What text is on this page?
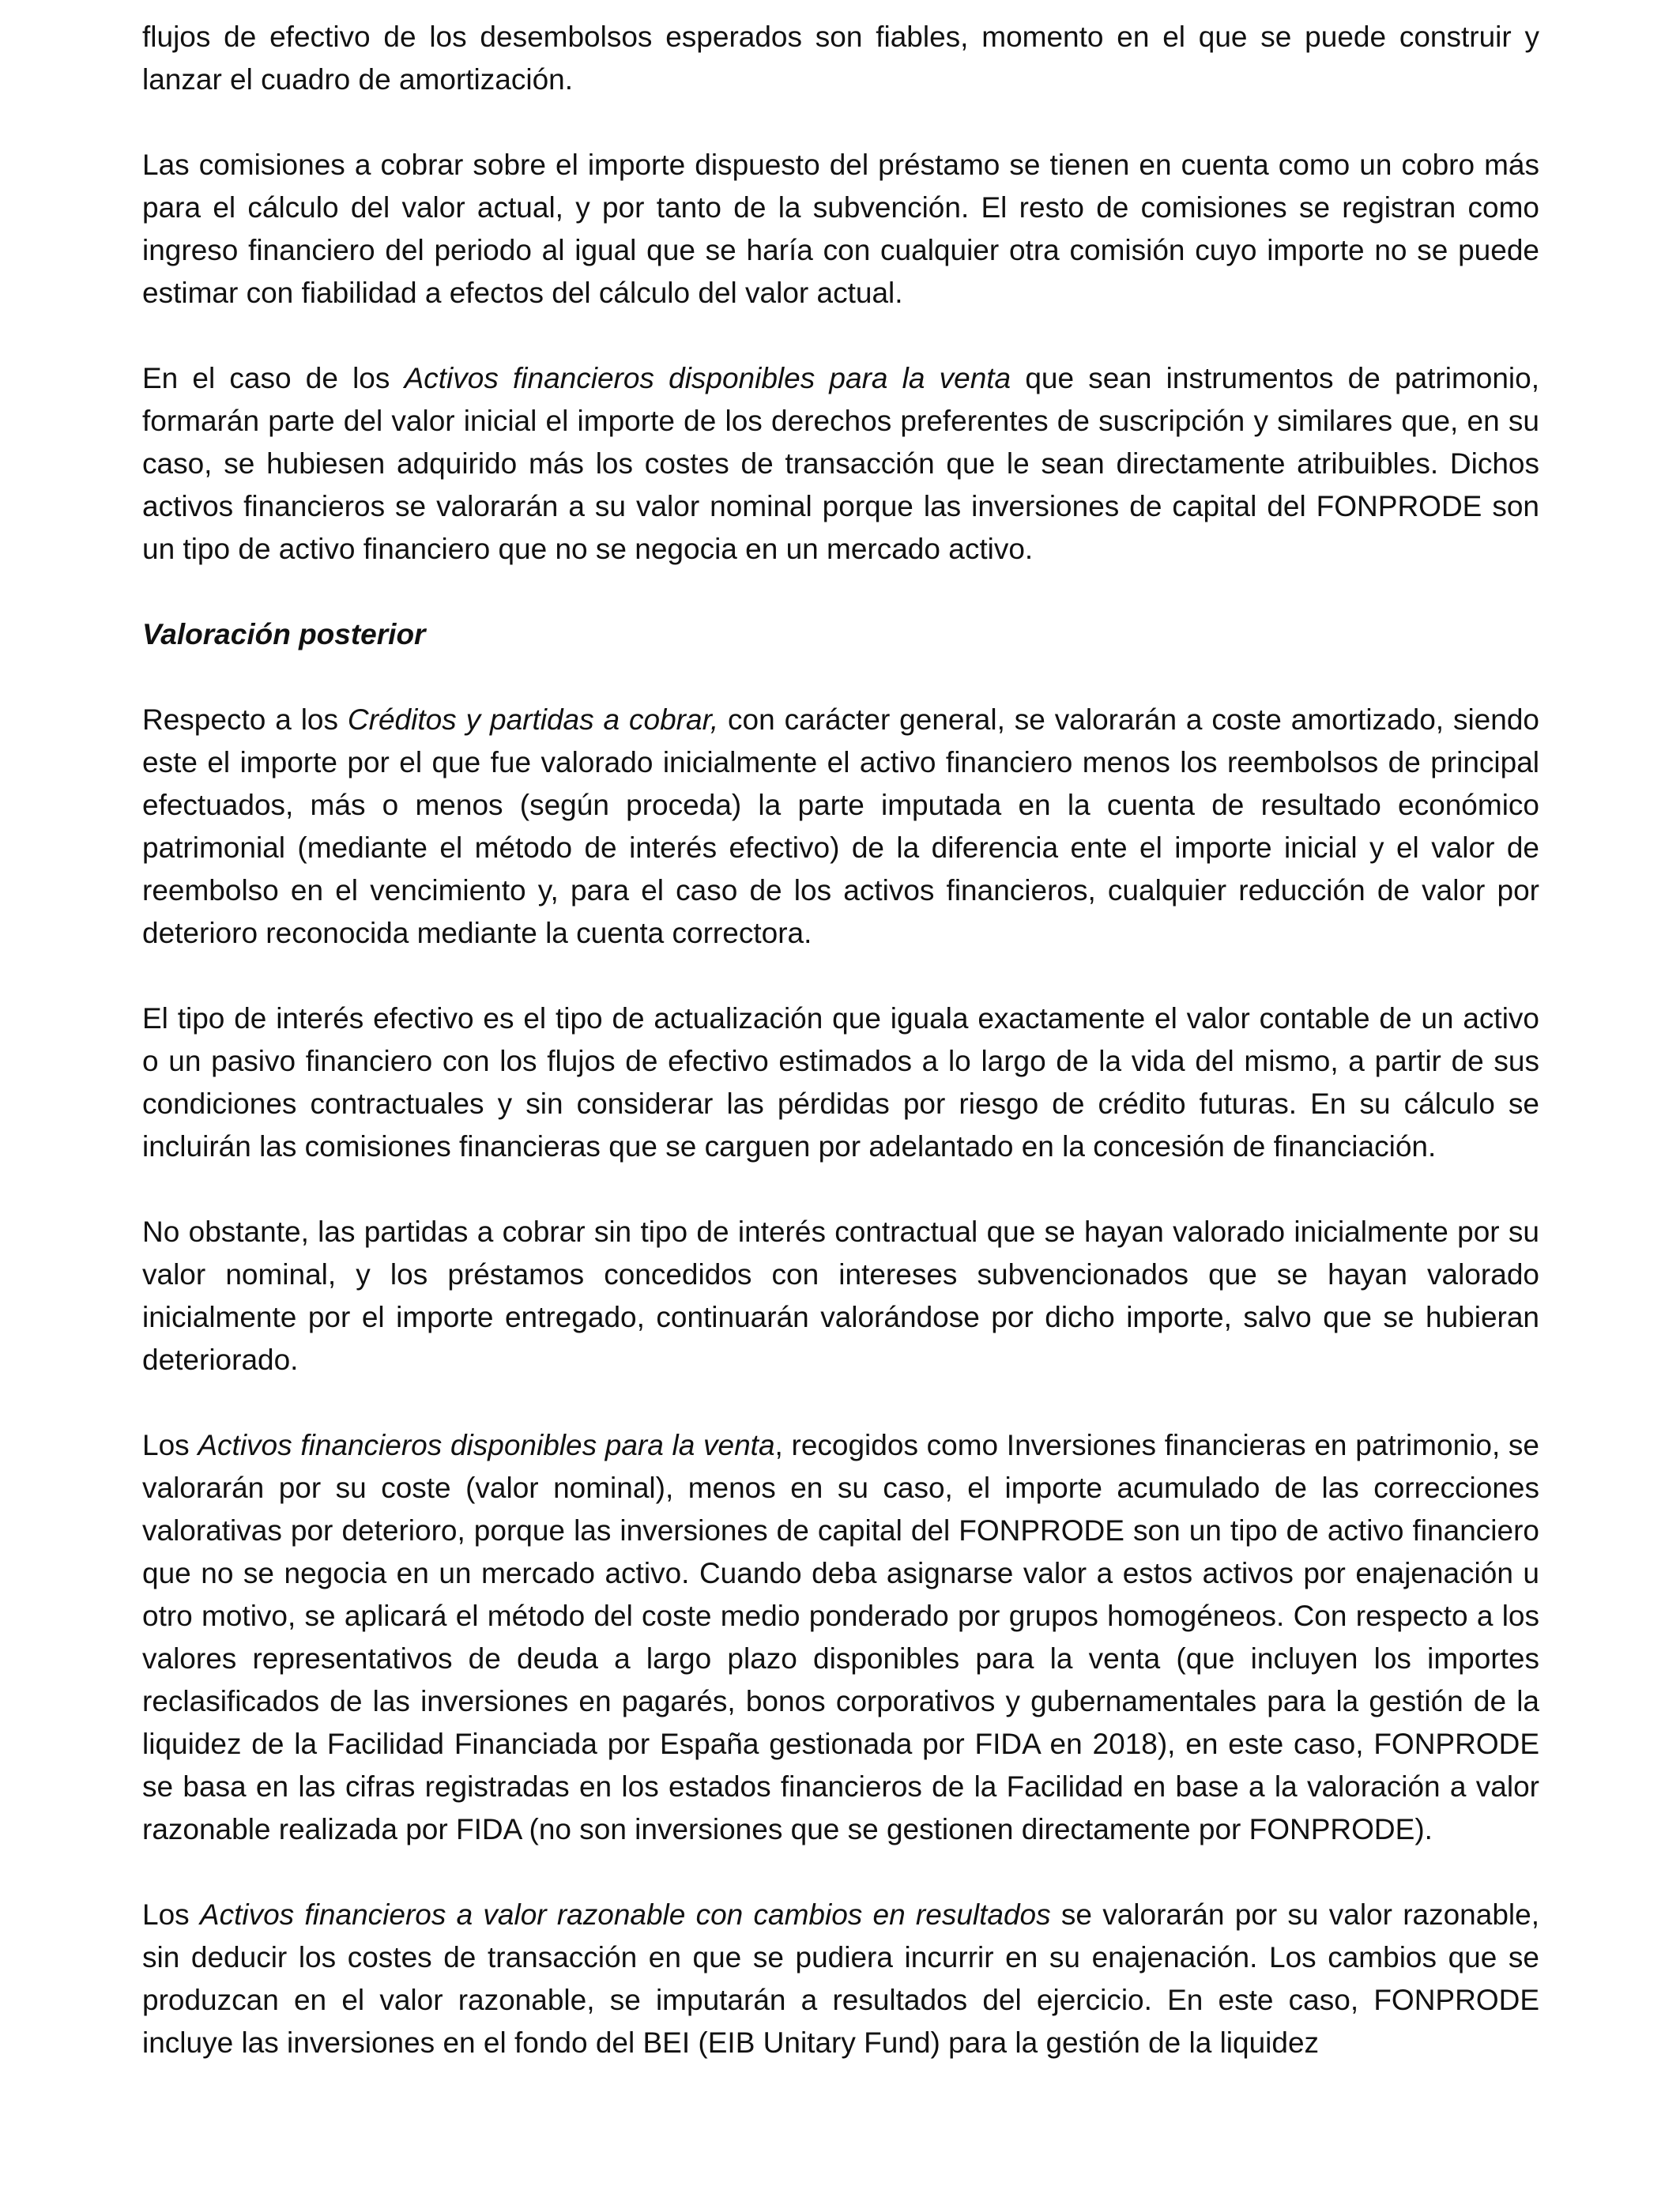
flujos de efectivo de los desembolsos esperados son fiables, momento en el que se puede construir y lanzar el cuadro de amortización.

Las comisiones a cobrar sobre el importe dispuesto del préstamo se tienen en cuenta como un cobro más para el cálculo del valor actual, y por tanto de la subvención. El resto de comisiones se registran como ingreso financiero del periodo al igual que se haría con cualquier otra comisión cuyo importe no se puede estimar con fiabilidad a efectos del cálculo del valor actual.

En el caso de los Activos financieros disponibles para la venta que sean instrumentos de patrimonio, formarán parte del valor inicial el importe de los derechos preferentes de suscripción y similares que, en su caso, se hubiesen adquirido más los costes de transacción que le sean directamente atribuibles. Dichos activos financieros se valorarán a su valor nominal porque las inversiones de capital del FONPRODE son un tipo de activo financiero que no se negocia en un mercado activo.

Valoración posterior

Respecto a los Créditos y partidas a cobrar, con carácter general, se valorarán a coste amortizado, siendo este el importe por el que fue valorado inicialmente el activo financiero menos los reembolsos de principal efectuados, más o menos (según proceda) la parte imputada en la cuenta de resultado económico patrimonial (mediante el método de interés efectivo) de la diferencia ente el importe inicial y el valor de reembolso en el vencimiento y, para el caso de los activos financieros, cualquier reducción de valor por deterioro reconocida mediante la cuenta correctora.

El tipo de interés efectivo es el tipo de actualización que iguala exactamente el valor contable de un activo o un pasivo financiero con los flujos de efectivo estimados a lo largo de la vida del mismo, a partir de sus condiciones contractuales y sin considerar las pérdidas por riesgo de crédito futuras. En su cálculo se incluirán las comisiones financieras que se carguen por adelantado en la concesión de financiación.

No obstante, las partidas a cobrar sin tipo de interés contractual que se hayan valorado inicialmente por su valor nominal, y los préstamos concedidos con intereses subvencionados que se hayan valorado inicialmente por el importe entregado, continuarán valorándose por dicho importe, salvo que se hubieran deteriorado.

Los Activos financieros disponibles para la venta, recogidos como Inversiones financieras en patrimonio, se valorarán por su coste (valor nominal), menos en su caso, el importe acumulado de las correcciones valorativas por deterioro, porque las inversiones de capital del FONPRODE son un tipo de activo financiero que no se negocia en un mercado activo. Cuando deba asignarse valor a estos activos por enajenación u otro motivo, se aplicará el método del coste medio ponderado por grupos homogéneos. Con respecto a los valores representativos de deuda a largo plazo disponibles para la venta (que incluyen los importes reclasificados de las inversiones en pagarés, bonos corporativos y gubernamentales para la gestión de la liquidez de la Facilidad Financiada por España gestionada por FIDA en 2018), en este caso, FONPRODE se basa en las cifras registradas en los estados financieros de la Facilidad en base a la valoración a valor razonable realizada por FIDA (no son inversiones que se gestionen directamente por FONPRODE).

Los Activos financieros a valor razonable con cambios en resultados se valorarán por su valor razonable, sin deducir los costes de transacción en que se pudiera incurrir en su enajenación. Los cambios que se produzcan en el valor razonable, se imputarán a resultados del ejercicio. En este caso, FONPRODE incluye las inversiones en el fondo del BEI (EIB Unitary Fund) para la gestión de la liquidez
